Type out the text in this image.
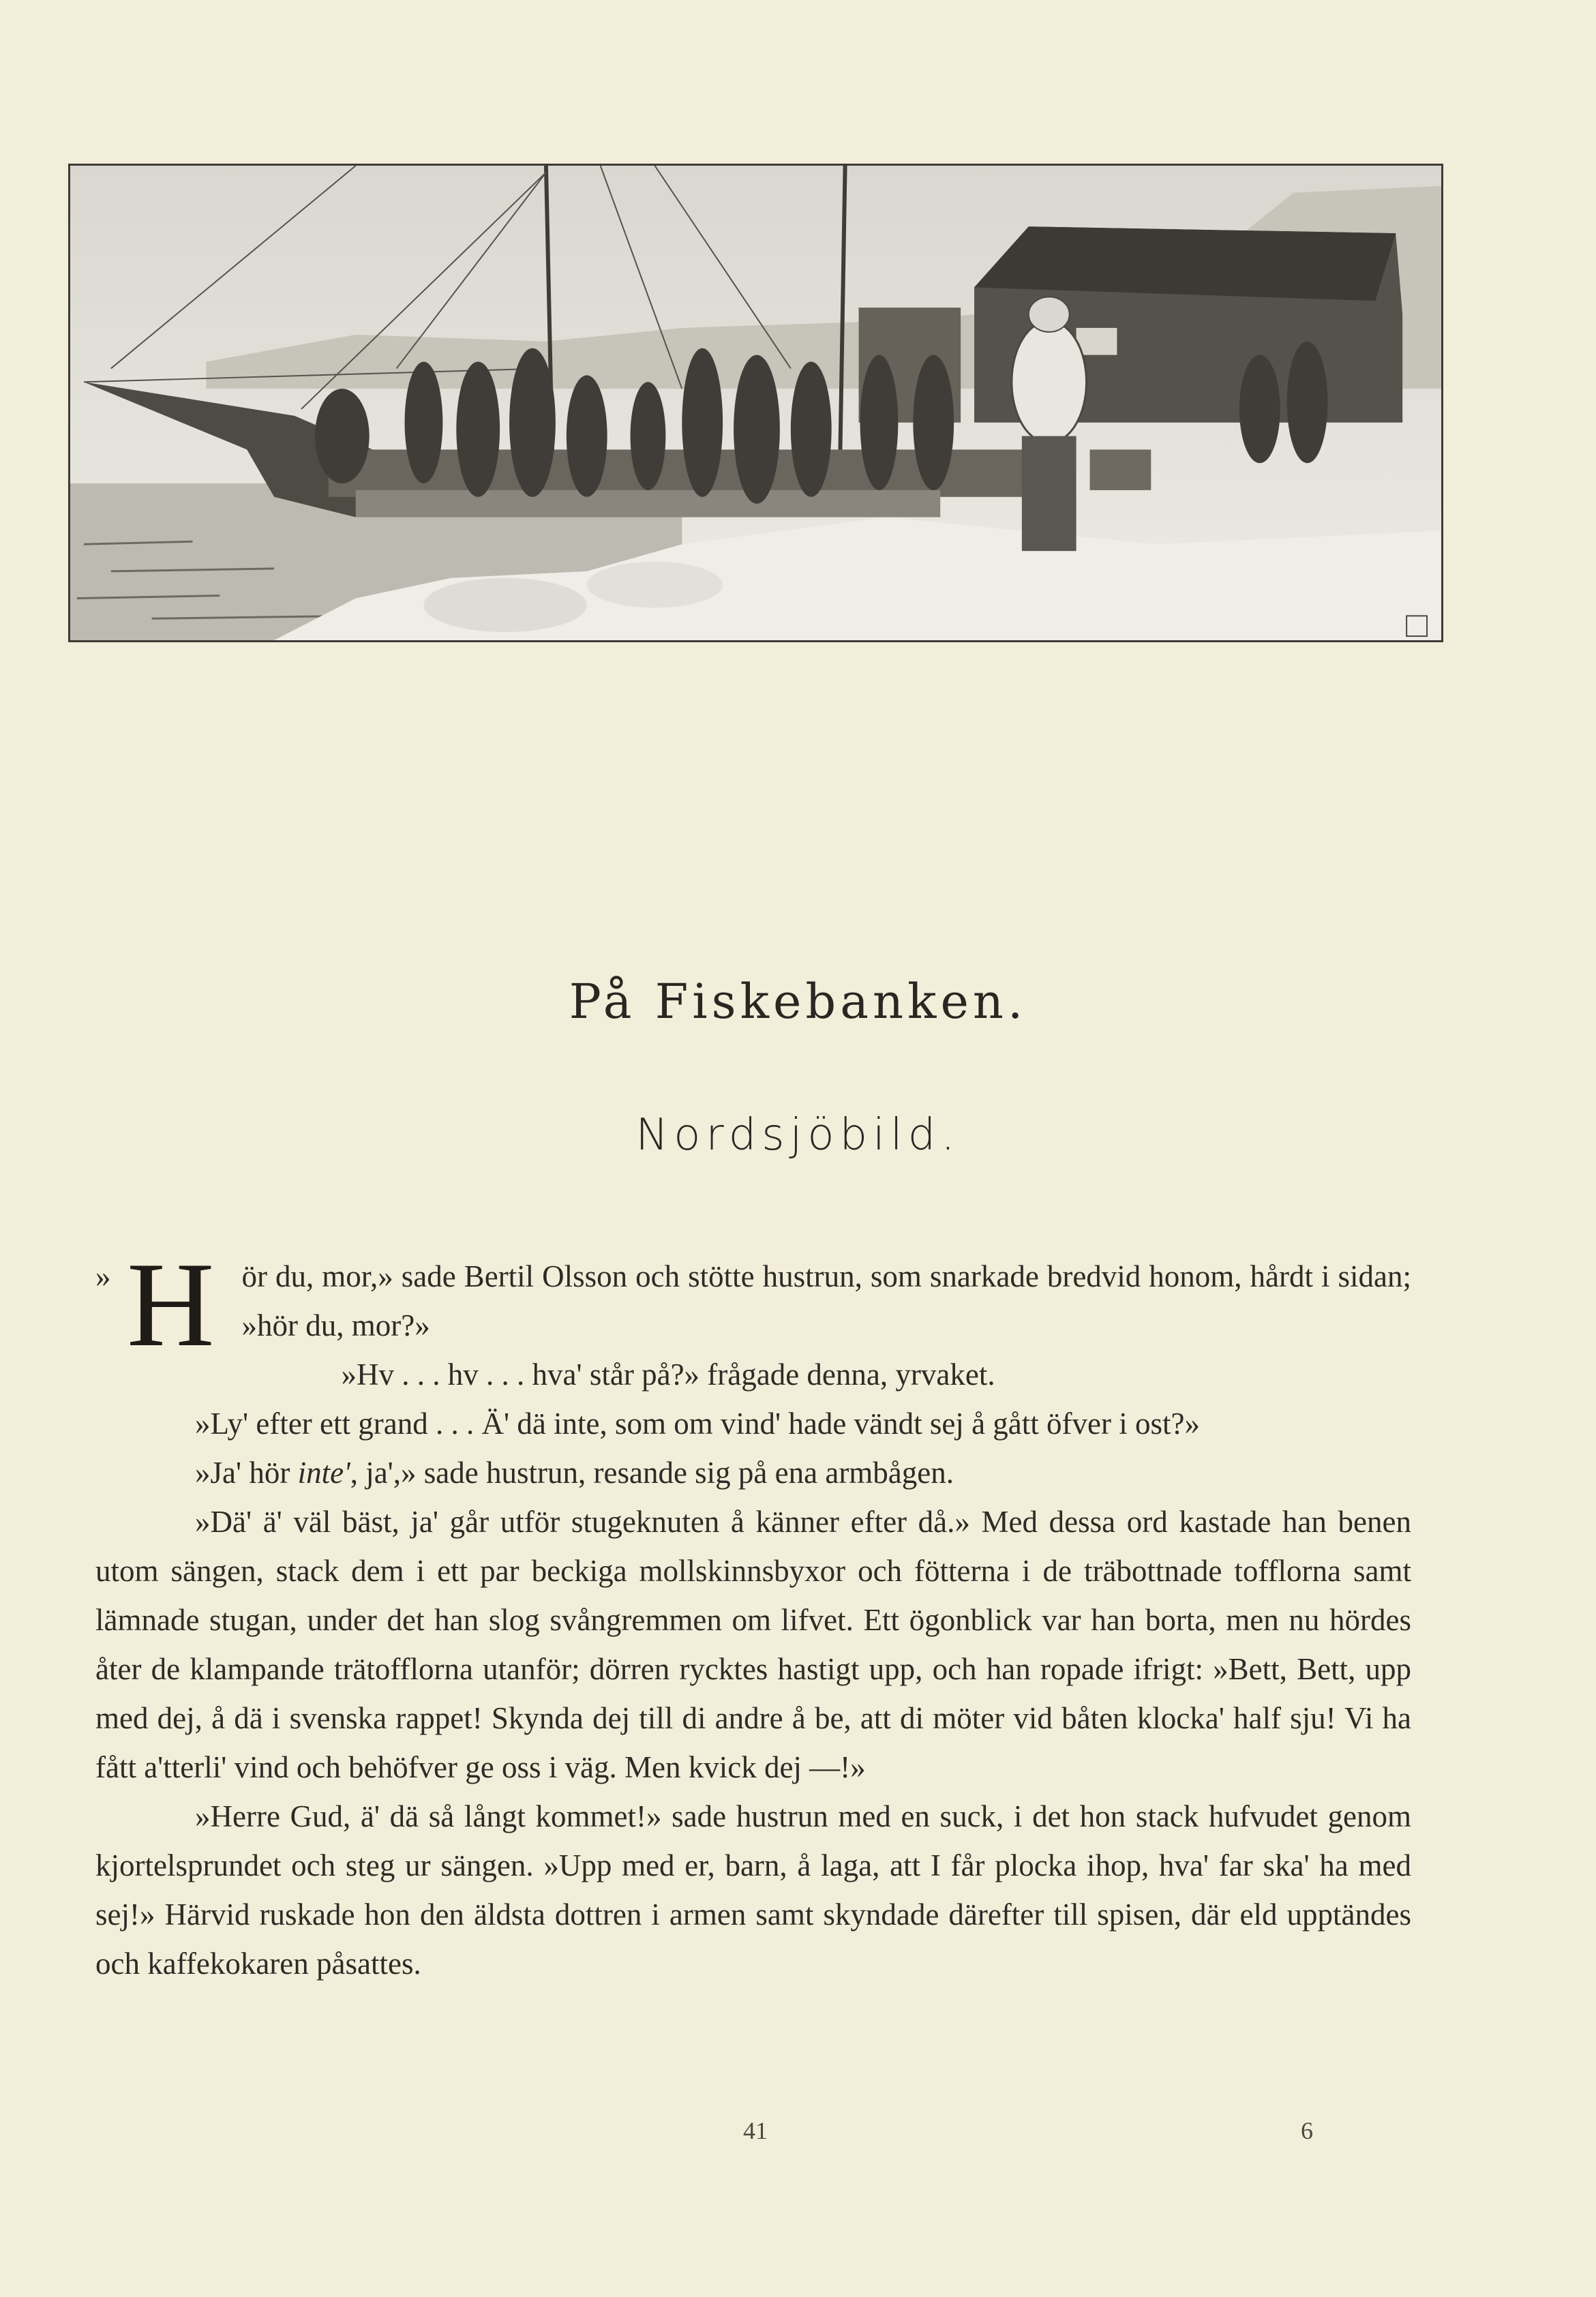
På Fiskebanken.
Nordsjöbild.

» H ör du, mor,» sade Bertil Olsson och stötte hustrun, som snarkade bredvid honom, hårdt i sidan; »hör du, mor?»

»Hv . . . hv . . . hva' står på?» frågade denna, yrvaket.

»Ly' efter ett grand . . . Ä' dä inte, som om vind' hade vändt sej å gått öfver i ost?»

»Ja' hör inte', ja',» sade hustrun, resande sig på ena armbågen.

»Dä' ä' väl bäst, ja' går utför stugeknuten å känner efter då.» Med dessa ord kastade han benen utom sängen, stack dem i ett par beckiga mollskinnsbyxor och fötterna i de träbottnade tofflorna samt lämnade stugan, under det han slog svångremmen om lifvet. Ett ögonblick var han borta, men nu hördes åter de klampande trätofflorna utanför; dörren rycktes hastigt upp, och han ropade ifrigt: »Bett, Bett, upp med dej, å dä i svenska rappet! Skynda dej till di andre å be, att di möter vid båten klocka' half sju! Vi ha fått a'tterli' vind och behöfver ge oss i väg. Men kvick dej —!»

»Herre Gud, ä' dä så långt kommet!» sade hustrun med en suck, i det hon stack hufvudet genom kjortelsprundet och steg ur sängen. »Upp med er, barn, å laga, att I får plocka ihop, hva' far ska' ha med sej!» Härvid ruskade hon den äldsta dottren i armen samt skyndade därefter till spisen, där eld upptändes och kaffekokaren påsattes.

41	6
